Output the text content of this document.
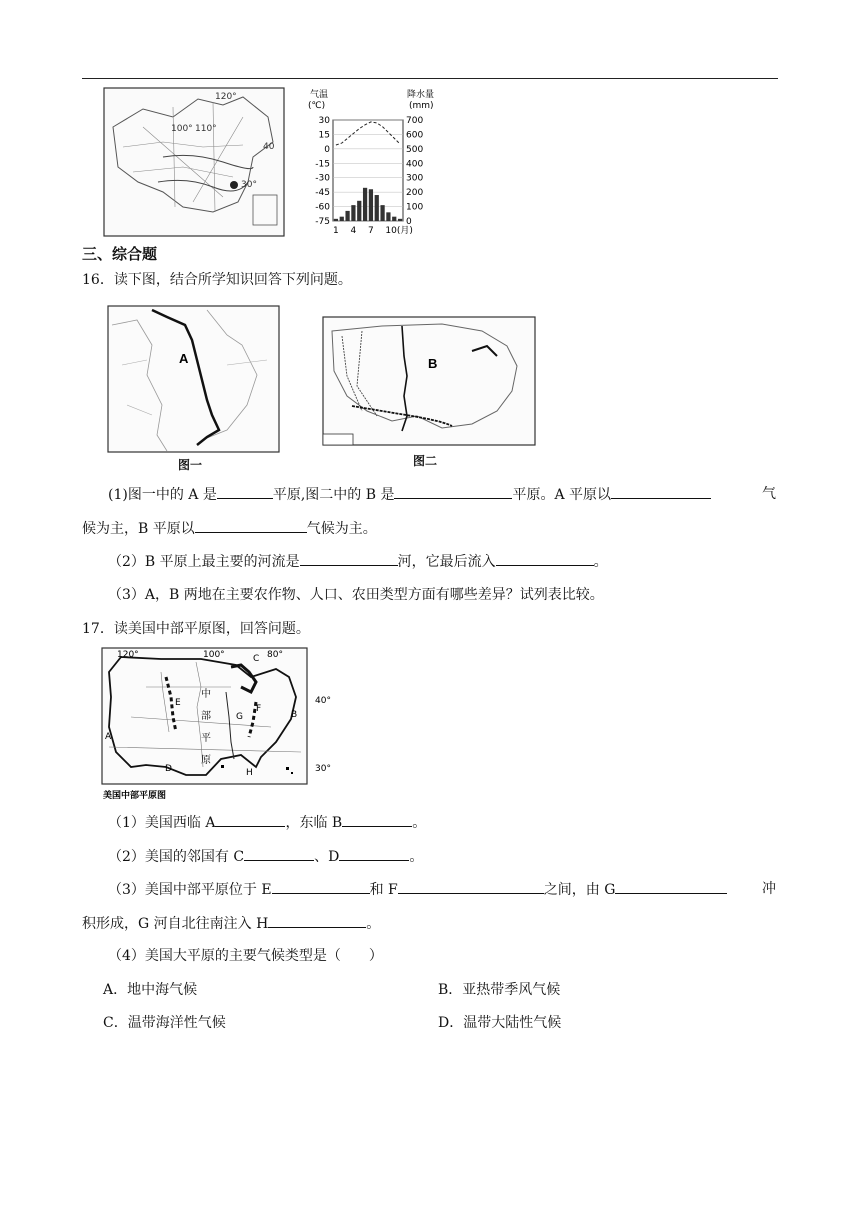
120°
100° 110°
40
30°
气温
(℃)
降水量
(mm)
30	700
15	600
0	500
-15	400
-30	300
-45	200
-60	100
-75	0
1 4 7 10(月)
三、综合题
16．读下图，结合所学知识回答下列问题。
A
图一
B
图二
(1)图一中的 A 是	平原,图二中的 B 是	平原。A 平原以	气
候为主，B 平原以	气候为主。
（2）B 平原上最主要的河流是	河，它最后流入	。
（3）A，B 两地在主要农作物、人口、农田类型方面有哪些差异？试列表比较。
17．读美国中部平原图，回答问题。
120°	100°	80°
40°
30°
A
B
C
D
E
F
G
H
中
部
平
原
美国中部平原图
（1）美国西临 A	，东临 B	。
（2）美国的邻国有 C	、D	。
（3）美国中部平原位于 E	和 F	之间，由 G	冲
积形成，G 河自北往南注入 H	。
（4）美国大平原的主要气候类型是（　　）
A．地中海气候	B．亚热带季风气候
C．温带海洋性气候	D．温带大陆性气候
